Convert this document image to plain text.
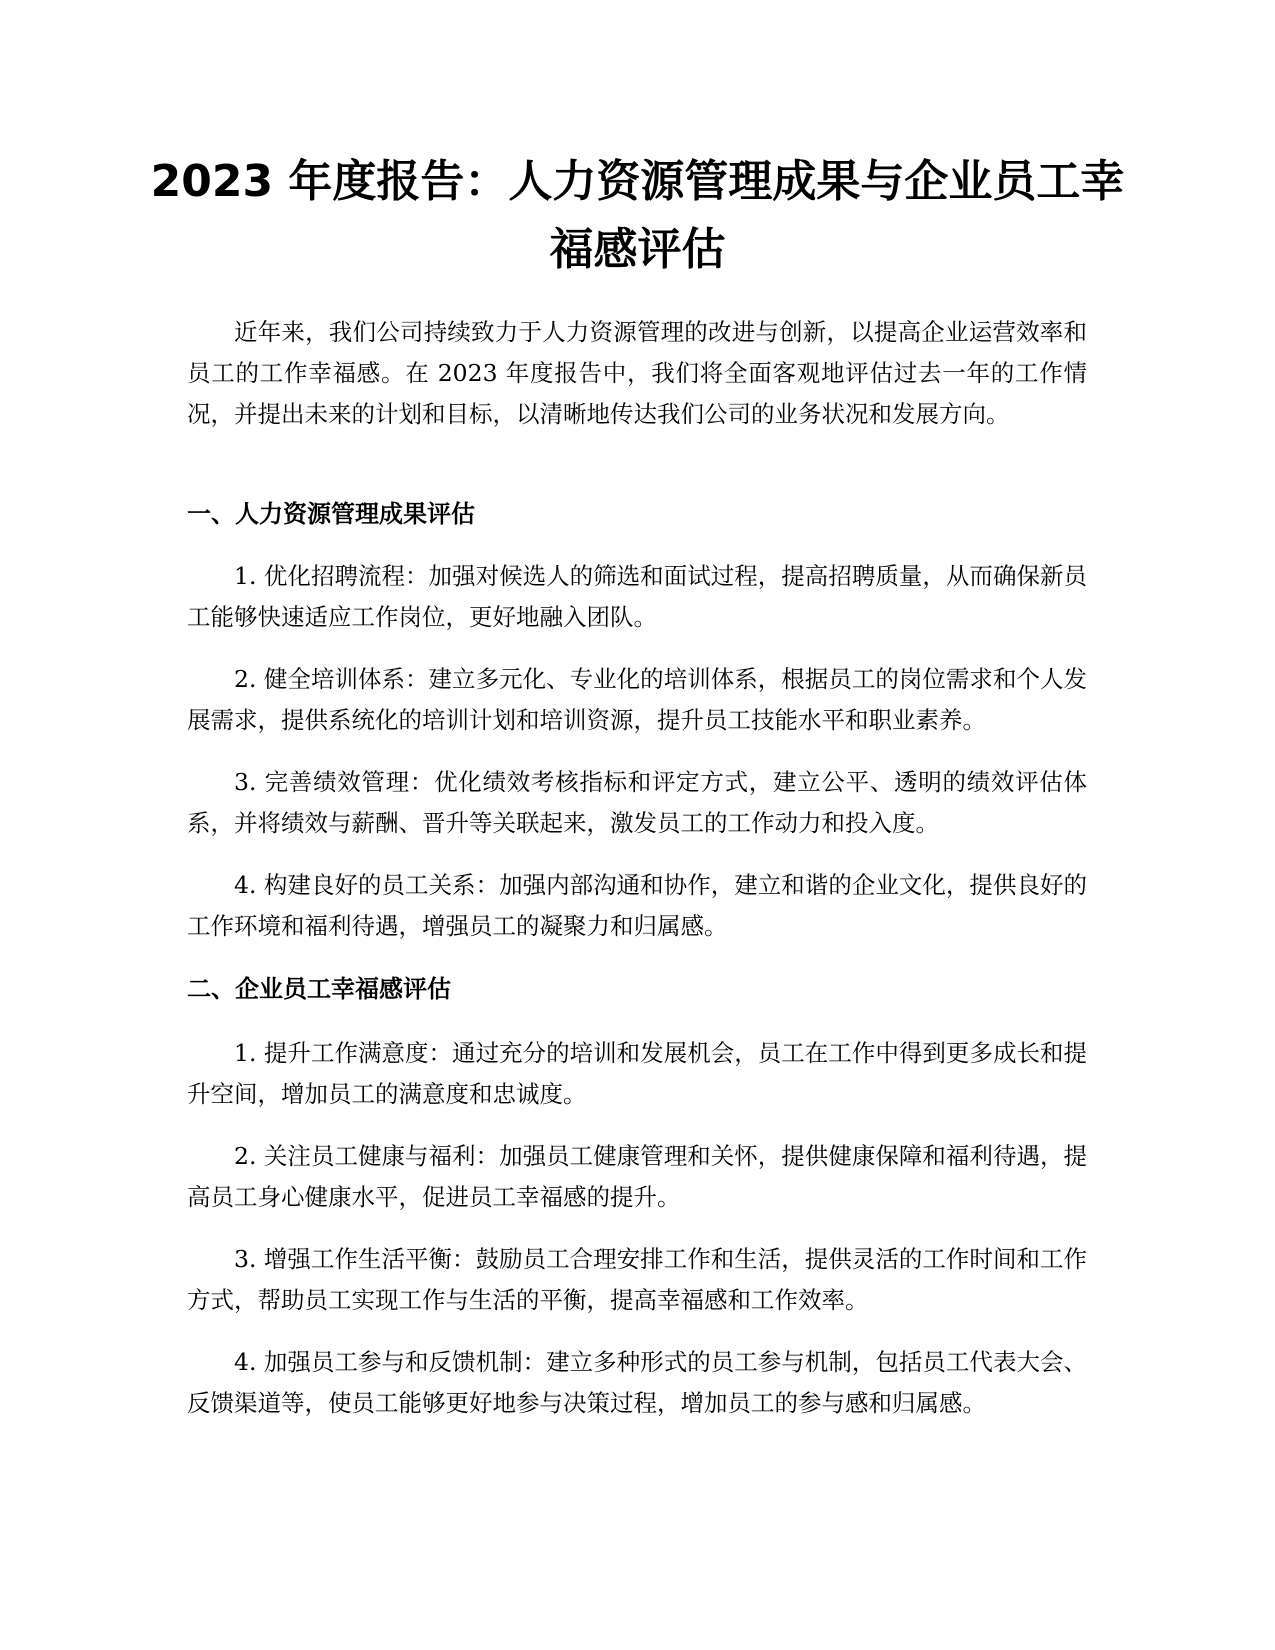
2023 年度报告：人力资源管理成果与企业员工幸福感评估

近年来，我们公司持续致力于人力资源管理的改进与创新，以提高企业运营效率和员工的工作幸福感。在 2023 年度报告中，我们将全面客观地评估过去一年的工作情况，并提出未来的计划和目标，以清晰地传达我们公司的业务状况和发展方向。

一、人力资源管理成果评估

1. 优化招聘流程：加强对候选人的筛选和面试过程，提高招聘质量，从而确保新员工能够快速适应工作岗位，更好地融入团队。

2. 健全培训体系：建立多元化、专业化的培训体系，根据员工的岗位需求和个人发展需求，提供系统化的培训计划和培训资源，提升员工技能水平和职业素养。

3. 完善绩效管理：优化绩效考核指标和评定方式，建立公平、透明的绩效评估体系，并将绩效与薪酬、晋升等关联起来，激发员工的工作动力和投入度。

4. 构建良好的员工关系：加强内部沟通和协作，建立和谐的企业文化，提供良好的工作环境和福利待遇，增强员工的凝聚力和归属感。

二、企业员工幸福感评估

1. 提升工作满意度：通过充分的培训和发展机会，员工在工作中得到更多成长和提升空间，增加员工的满意度和忠诚度。

2. 关注员工健康与福利：加强员工健康管理和关怀，提供健康保障和福利待遇，提高员工身心健康水平，促进员工幸福感的提升。

3. 增强工作生活平衡：鼓励员工合理安排工作和生活，提供灵活的工作时间和工作方式，帮助员工实现工作与生活的平衡，提高幸福感和工作效率。

4. 加强员工参与和反馈机制：建立多种形式的员工参与机制，包括员工代表大会、反馈渠道等，使员工能够更好地参与决策过程，增加员工的参与感和归属感。
